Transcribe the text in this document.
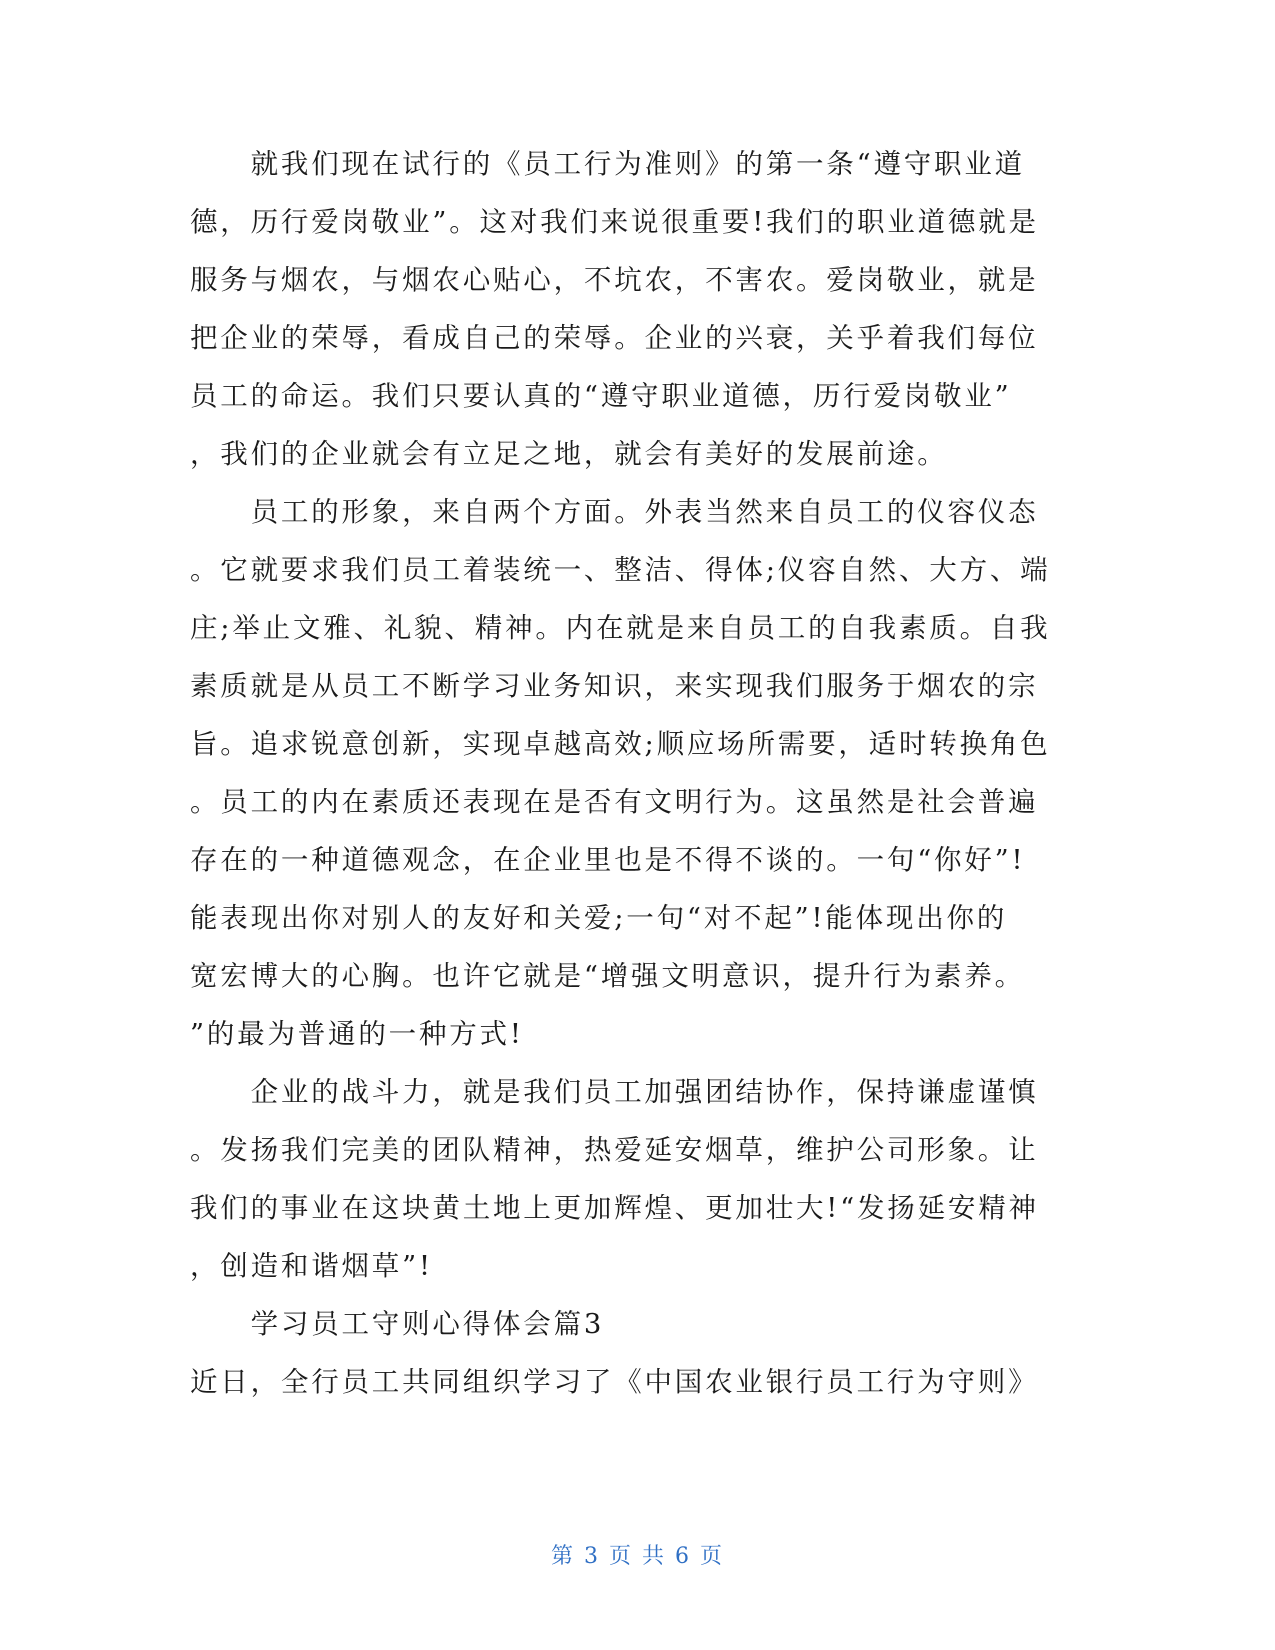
　　就我们现在试行的《员工行为准则》的第一条“遵守职业道
德，历行爱岗敬业”。这对我们来说很重要!我们的职业道德就是
服务与烟农，与烟农心贴心，不坑农，不害农。爱岗敬业，就是
把企业的荣辱，看成自己的荣辱。企业的兴衰，关乎着我们每位
员工的命运。我们只要认真的“遵守职业道德，历行爱岗敬业”
，我们的企业就会有立足之地，就会有美好的发展前途。
　　员工的形象，来自两个方面。外表当然来自员工的仪容仪态
。它就要求我们员工着装统一、整洁、得体;仪容自然、大方、端
庄;举止文雅、礼貌、精神。内在就是来自员工的自我素质。自我
素质就是从员工不断学习业务知识，来实现我们服务于烟农的宗
旨。追求锐意创新，实现卓越高效;顺应场所需要，适时转换角色
。员工的内在素质还表现在是否有文明行为。这虽然是社会普遍
存在的一种道德观念，在企业里也是不得不谈的。一句“你好”!
能表现出你对别人的友好和关爱;一句“对不起”!能体现出你的
宽宏博大的心胸。也许它就是“增强文明意识，提升行为素养。
”的最为普通的一种方式!
　　企业的战斗力，就是我们员工加强团结协作，保持谦虚谨慎
。发扬我们完美的团队精神，热爱延安烟草，维护公司形象。让
我们的事业在这块黄土地上更加辉煌、更加壮大!“发扬延安精神
，创造和谐烟草”!
　　学习员工守则心得体会篇3
近日，全行员工共同组织学习了《中国农业银行员工行为守则》
第 3 页 共 6 页
